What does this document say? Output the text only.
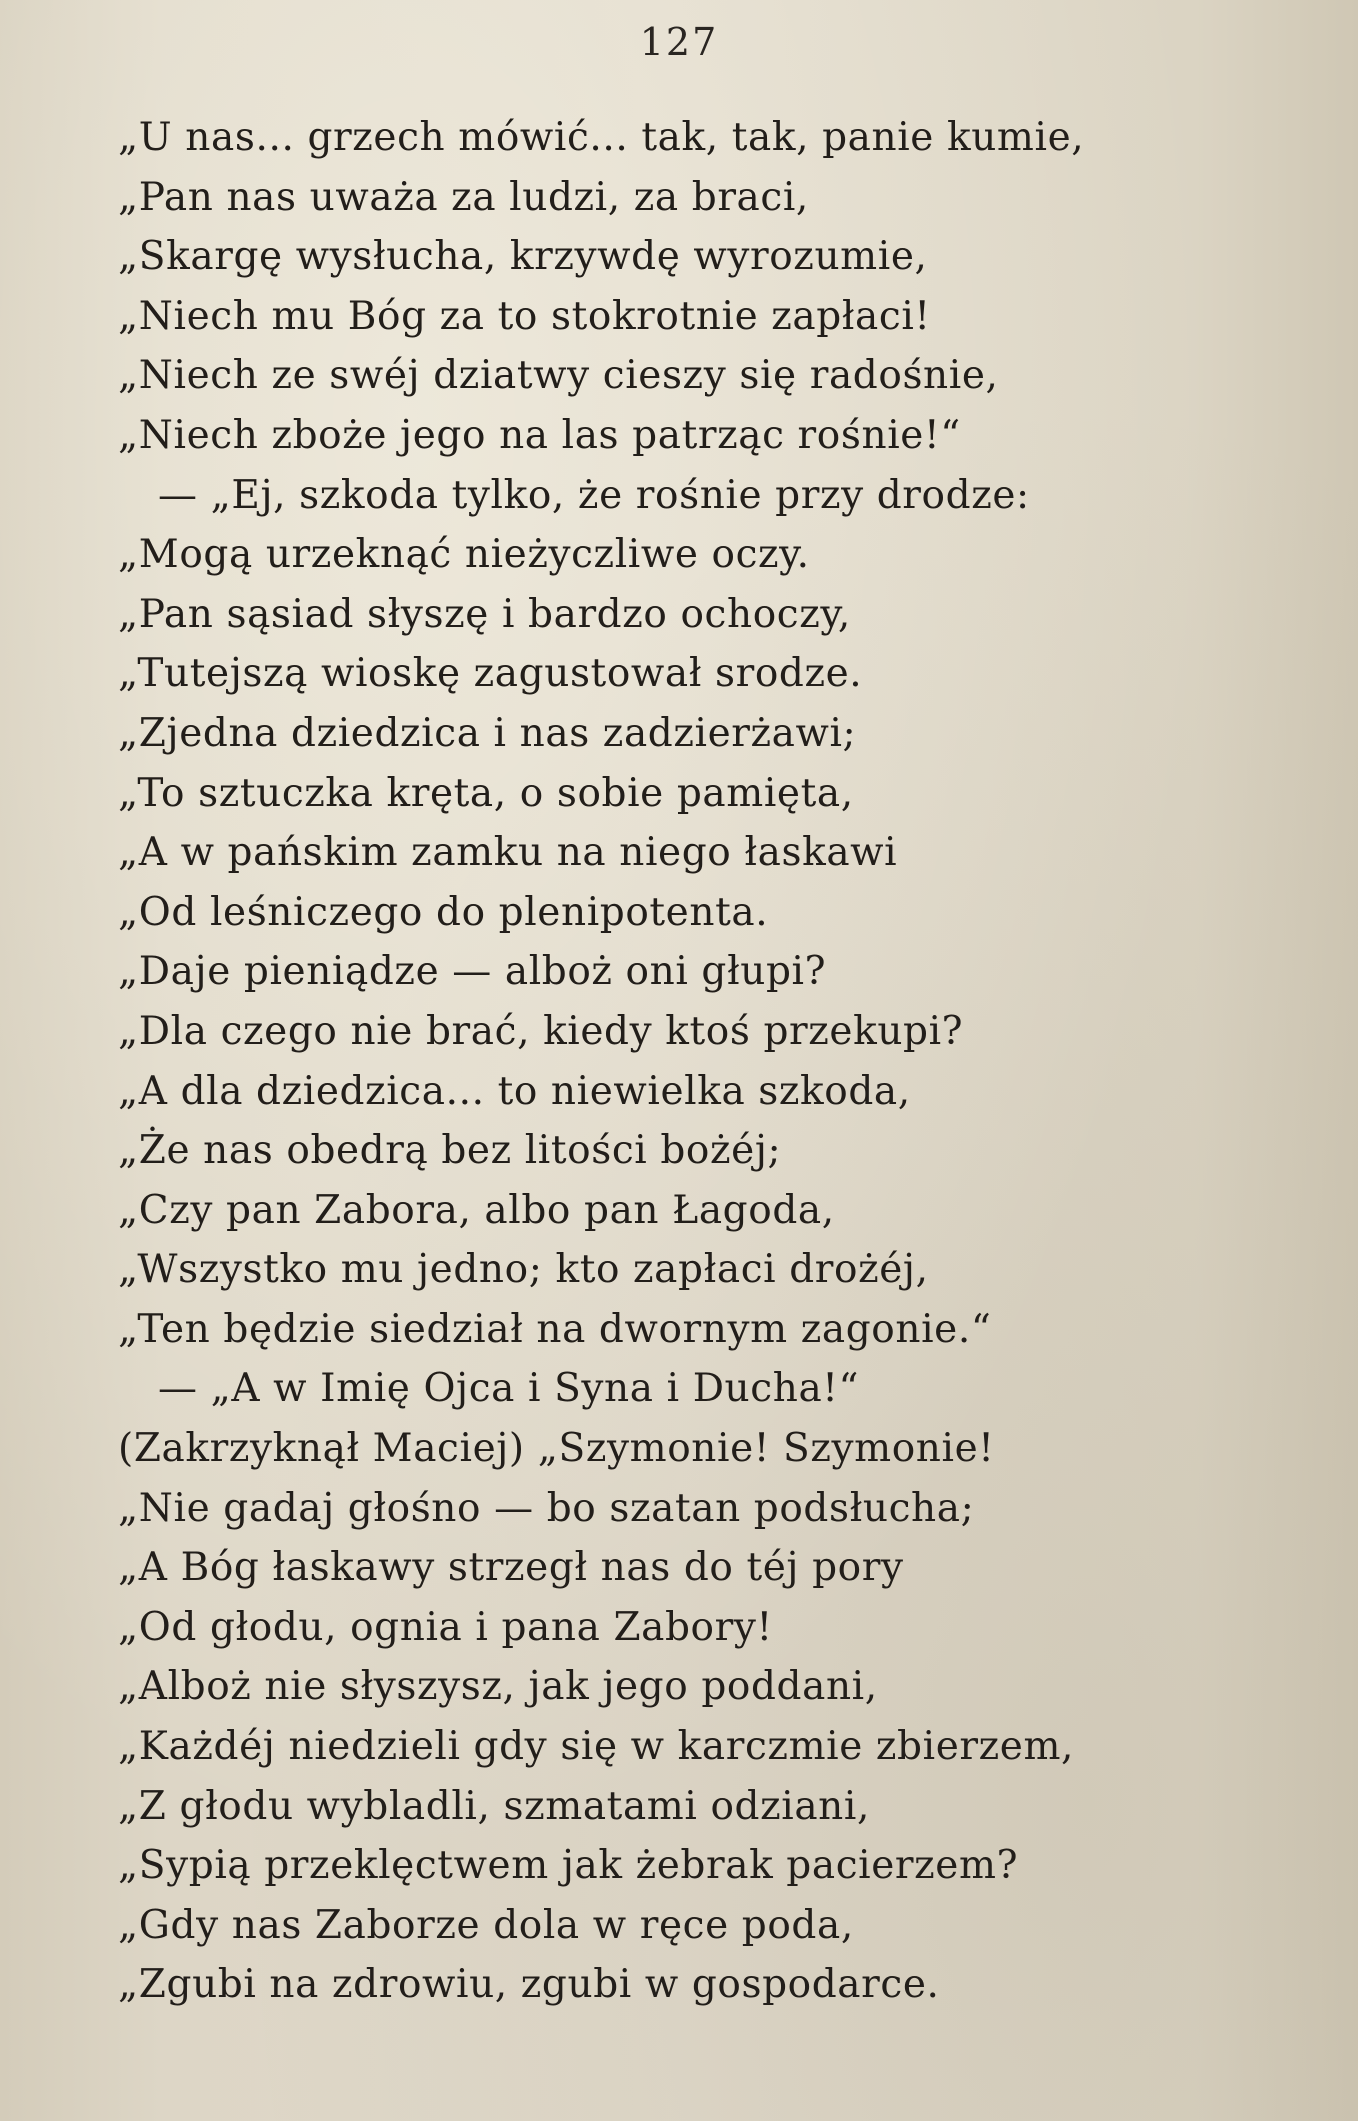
127
„U nas... grzech mówić... tak, tak, panie kumie,
„Pan nas uważa za ludzi, za braci,
„Skargę wysłucha, krzywdę wyrozumie,
„Niech mu Bóg za to stokrotnie zapłaci!
„Niech ze swéj dziatwy cieszy się radośnie,
„Niech zboże jego na las patrząc rośnie!“
— „Ej, szkoda tylko, że rośnie przy drodze:
„Mogą urzeknąć nieżyczliwe oczy.
„Pan sąsiad słyszę i bardzo ochoczy,
„Tutejszą wioskę zagustował srodze.
„Zjedna dziedzica i nas zadzierżawi;
„To sztuczka kręta, o sobie pamięta,
„A w pańskim zamku na niego łaskawi
„Od leśniczego do plenipotenta.
„Daje pieniądze — alboż oni głupi?
„Dla czego nie brać, kiedy ktoś przekupi?
„A dla dziedzica... to niewielka szkoda,
„Że nas obedrą bez litości bożéj;
„Czy pan Zabora, albo pan Łagoda,
„Wszystko mu jedno; kto zapłaci drożéj,
„Ten będzie siedział na dwornym zagonie.“
— „A w Imię Ojca i Syna i Ducha!“
(Zakrzyknął Maciej) „Szymonie! Szymonie!
„Nie gadaj głośno — bo szatan podsłucha;
„A Bóg łaskawy strzegł nas do téj pory
„Od głodu, ognia i pana Zabory!
„Alboż nie słyszysz, jak jego poddani,
„Każdéj niedzieli gdy się w karczmie zbierzem,
„Z głodu wybladli, szmatami odziani,
„Sypią przeklęctwem jak żebrak pacierzem?
„Gdy nas Zaborze dola w ręce poda,
„Zgubi na zdrowiu, zgubi w gospodarce.
